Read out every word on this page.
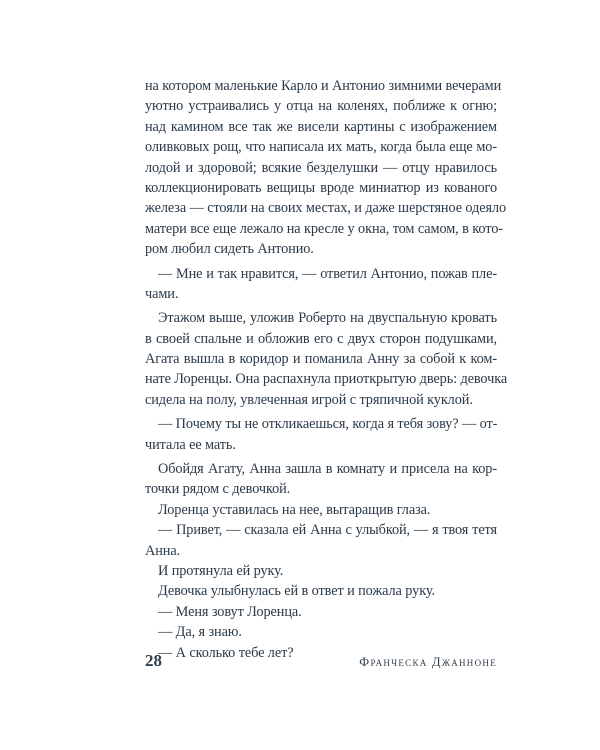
на котором маленькие Карло и Антонио зимними вечерами
уютно устраивались у отца на коленях, поближе к огню;
над камином все так же висели картины с изображением
оливковых рощ, что написала их мать, когда была еще мо-
лодой и здоровой; всякие безделушки — отцу нравилось
коллекционировать вещицы вроде миниатюр из кованого
железа — стояли на своих местах, и даже шерстяное одеяло
матери все еще лежало на кресле у окна, том самом, в кото-
ром любил сидеть Антонио.
— Мне и так нравится, — ответил Антонио, пожав пле-
чами.
Этажом выше, уложив Роберто на двуспальную кровать
в своей спальне и обложив его с двух сторон подушками,
Агата вышла в коридор и поманила Анну за собой к ком-
нате Лоренцы. Она распахнула приоткрытую дверь: девочка
сидела на полу, увлеченная игрой с тряпичной куклой.
— Почему ты не откликаешься, когда я тебя зову? — от-
читала ее мать.
Обойдя Агату, Анна зашла в комнату и присела на кор-
точки рядом с девочкой.
Лоренца уставилась на нее, вытаращив глаза.
— Привет, — сказала ей Анна с улыбкой, — я твоя тетя
Анна.
И протянула ей руку.
Девочка улыбнулась ей в ответ и пожала руку.
— Меня зовут Лоренца.
— Да, я знаю.
— А сколько тебе лет?
28	Франческа Джанноне
